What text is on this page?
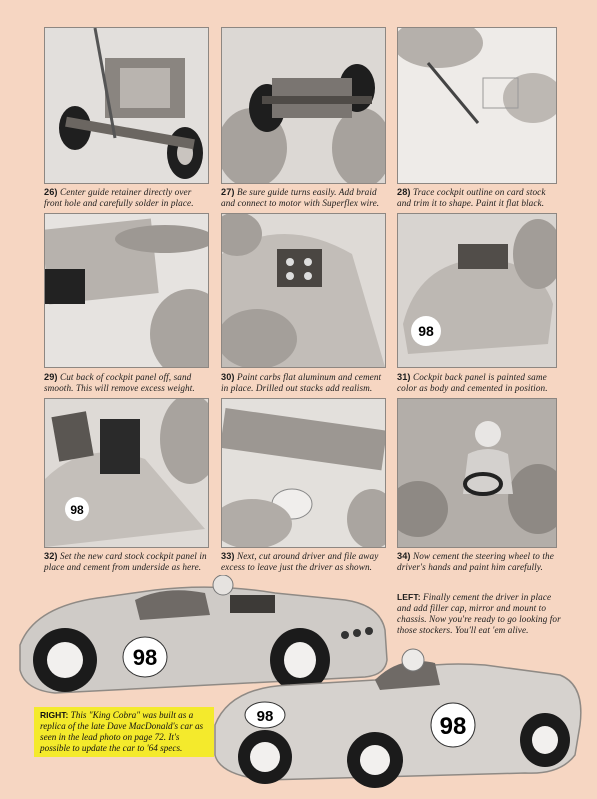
26) Center guide retainer directly over front hole and carefully solder in place.
27) Be sure guide turns easily. Add braid and connect to motor with Superflex wire.
28) Trace cockpit outline on card stock and trim it to shape. Paint it flat black.
98
29) Cut back of cockpit panel off, sand smooth. This will remove excess weight.
30) Paint carbs flat aluminum and cement in place. Drilled out stacks add realism.
31) Cockpit back panel is painted same color as body and cemented in position.
98
32) Set the new card stock cockpit panel in place and cement from underside as here.
33) Next, cut around driver and file away excess to leave just the driver as shown.
34) Now cement the steering wheel to the driver's hands and paint him carefully.
98
98
98
LEFT: Finally cement the driver in place and add filler cap, mirror and mount to chassis. Now you're ready to go looking for those stockers. You'll eat 'em alive.
RIGHT: This "King Cobra" was built as a replica of the late Dave MacDonald's car as seen in the lead photo on page 72. It's possible to update the car to '64 specs.
